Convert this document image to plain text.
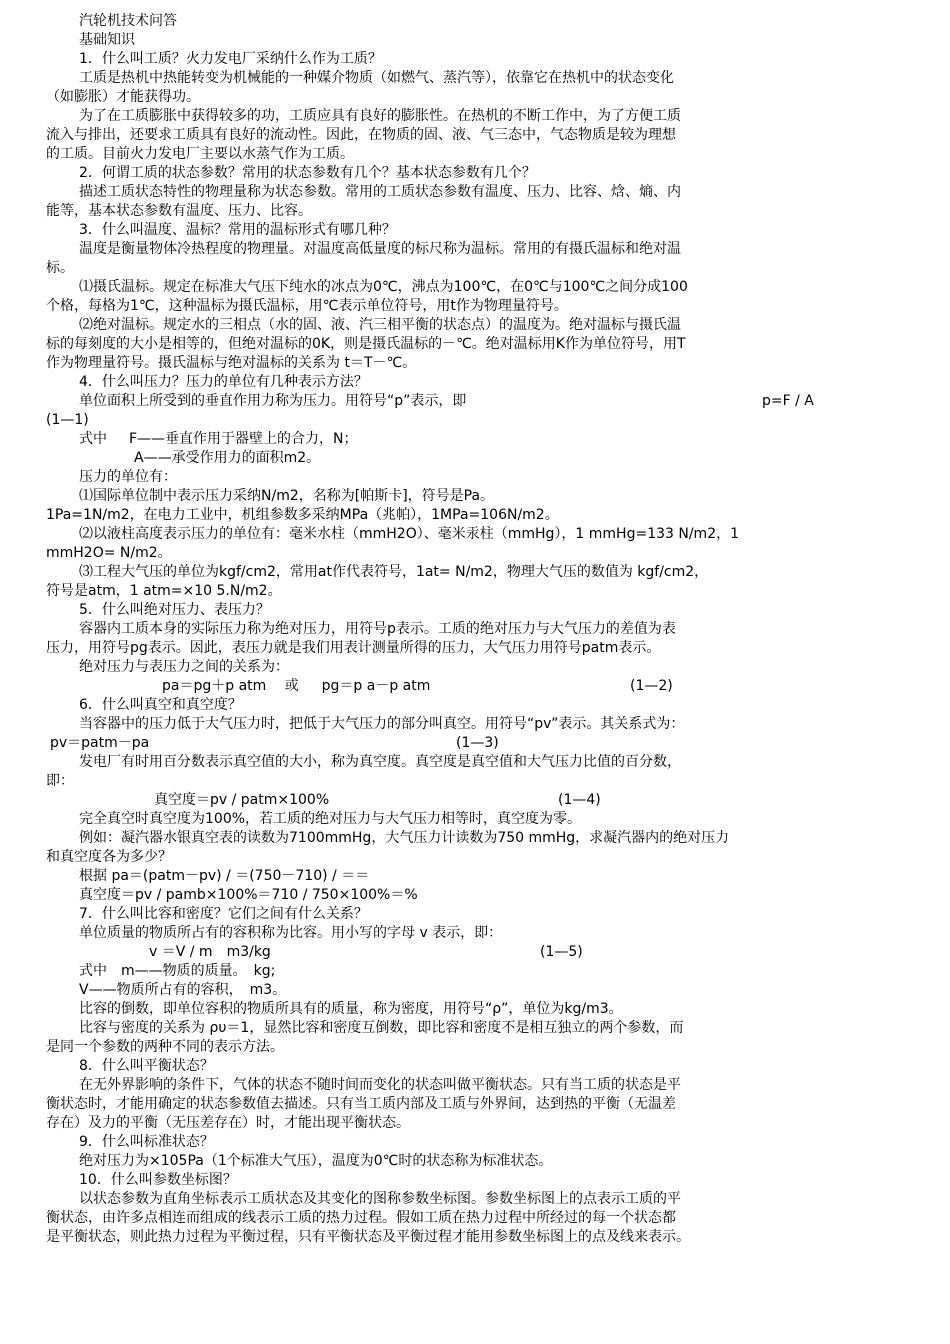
汽轮机技术问答
基础知识
1．什么叫工质？火力发电厂采纳什么作为工质？
工质是热机中热能转变为机械能的一种媒介物质（如燃气、蒸汽等），依靠它在热机中的状态变化
（如膨胀）才能获得功。
为了在工质膨胀中获得较多的功，工质应具有良好的膨胀性。在热机的不断工作中，为了方便工质
流入与排出，还要求工质具有良好的流动性。因此，在物质的固、液、气三态中，气态物质是较为理想
的工质。目前火力发电厂主要以水蒸气作为工质。
2．何谓工质的状态参数？常用的状态参数有几个？基本状态参数有几个？
描述工质状态特性的物理量称为状态参数。常用的工质状态参数有温度、压力、比容、焓、熵、内
能等，基本状态参数有温度、压力、比容。
3．什么叫温度、温标？常用的温标形式有哪几种？
温度是衡量物体冷热程度的物理量。对温度高低量度的标尺称为温标。常用的有摄氏温标和绝对温
标。
⑴摄氏温标。规定在标准大气压下纯水的冰点为0℃，沸点为100℃，在0℃与100℃之间分成100
个格，每格为1℃，这种温标为摄氏温标，用℃表示单位符号，用t作为物理量符号。
⑵绝对温标。规定水的三相点（水的固、液、汽三相平衡的状态点）的温度为。绝对温标与摄氏温
标的每刻度的大小是相等的，但绝对温标的0K，则是摄氏温标的－℃。绝对温标用K作为单位符号，用T
作为物理量符号。摄氏温标与绝对温标的关系为 t＝T－℃。
4．什么叫压力？压力的单位有几种表示方法？
单位面积上所受到的垂直作用力称为压力。用符号“p”表示，即	p=F / A
(1—1)
式中 F——垂直作用于器壁上的合力，N；
A——承受作用力的面积m2。
压力的单位有：
⑴国际单位制中表示压力采纳N/m2，名称为[帕斯卡]，符号是Pa。
1Pa=1N/m2，在电力工业中，机组参数多采纳MPa（兆帕），1MPa=106N/m2。
⑵以液柱高度表示压力的单位有：毫米水柱（mmH2O）、毫米汞柱（mmHg），1 mmHg=133 N/m2，1
mmH2O= N/m2。
⑶工程大气压的单位为kgf/cm2，常用at作代表符号，1at= N/m2，物理大气压的数值为 kgf/cm2，
符号是atm，1 atm=×10 5.N/m2。
5．什么叫绝对压力、表压力？
容器内工质本身的实际压力称为绝对压力，用符号p表示。工质的绝对压力与大气压力的差值为表
压力，用符号pg表示。因此，表压力就是我们用表计测量所得的压力，大气压力用符号patm表示。
绝对压力与表压力之间的关系为：
pa＝pg＋p atm　 或 　 pg＝p a－p atm	(1—2)
6．什么叫真空和真空度？
当容器中的压力低于大气压力时，把低于大气压力的部分叫真空。用符号“pv”表示。其关系式为：
pv＝patm－pa	(1—3)
发电厂有时用百分数表示真空值的大小，称为真空度。真空度是真空值和大气压力比值的百分数，
即：
真空度＝pv / patm×100%	(1—4)
完全真空时真空度为100%，若工质的绝对压力与大气压力相等时，真空度为零。
例如：凝汽器水银真空表的读数为7100mmHg，大气压力计读数为750 mmHg，求凝汽器内的绝对压力
和真空度各为多少？
根据 pa＝(patm－pv) / ＝(750－710) / ＝＝
真空度＝pv / pamb×100%＝710 / 750×100%＝%
7．什么叫比容和密度？它们之间有什么关系？
单位质量的物质所占有的容积称为比容。用小写的字母 v 表示，即：
v ＝V / m　m3/kg	(1—5)
式中　m——物质的质量。　kg;
V——物质所占有的容积，　m3。
比容的倒数，即单位容积的物质所具有的质量，称为密度，用符号“ρ”，单位为kg/m3。
比容与密度的关系为 ρυ＝1，显然比容和密度互倒数，即比容和密度不是相互独立的两个参数，而
是同一个参数的两种不同的表示方法。
8．什么叫平衡状态？
在无外界影响的条件下，气体的状态不随时间而变化的状态叫做平衡状态。只有当工质的状态是平
衡状态时，才能用确定的状态参数值去描述。只有当工质内部及工质与外界间，达到热的平衡（无温差
存在）及力的平衡（无压差存在）时，才能出现平衡状态。
9．什么叫标准状态？
绝对压力为×105Pa（1个标准大气压），温度为0℃时的状态称为标准状态。
10．什么叫参数坐标图？
以状态参数为直角坐标表示工质状态及其变化的图称参数坐标图。参数坐标图上的点表示工质的平
衡状态，由许多点相连而组成的线表示工质的热力过程。假如工质在热力过程中所经过的每一个状态都
是平衡状态，则此热力过程为平衡过程，只有平衡状态及平衡过程才能用参数坐标图上的点及线来表示。
